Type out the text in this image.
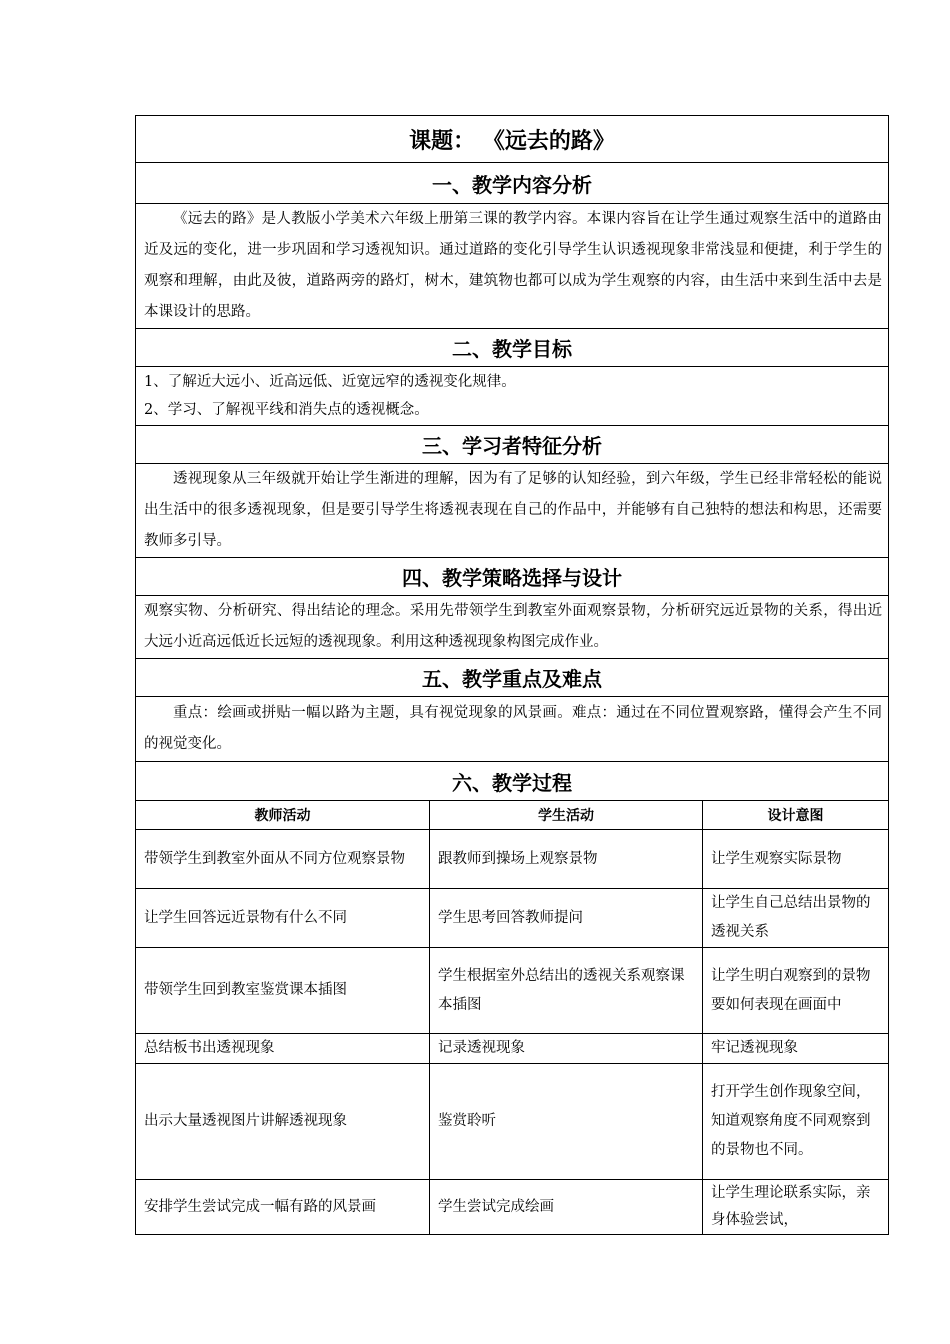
课题： 《远去的路》		
一、教学内容分析		

《远去的路》是人教版小学美术六年级上册第三课的教学内容。本课内容旨在让学生通过观察生活中的道路由近及远的变化，进一步巩固和学习透视知识。通过道路的变化引导学生认识透视现象非常浅显和便捷，利于学生的观察和理解，由此及彼，道路两旁的路灯，树木，建筑物也都可以成为学生观察的内容，由生活中来到生活中去是本课设计的思路。		

二、教学目标		

1、了解近大远小、近高远低、近宽远窄的透视变化规律。

2、学习、了解视平线和消失点的透视概念。		

三、学习者特征分析		

透视现象从三年级就开始让学生渐进的理解，因为有了足够的认知经验，到六年级，学生已经非常轻松的能说出生活中的很多透视现象，但是要引导学生将透视表现在自己的作品中，并能够有自己独特的想法和构思，还需要教师多引导。		

四、教学策略选择与设计		

观察实物、分析研究、得出结论的理念。采用先带领学生到教室外面观察景物，分析研究远近景物的关系，得出近大远小近高远低近长远短的透视现象。利用这种透视现象构图完成作业。		

五、教学重点及难点		

重点：绘画或拼贴一幅以路为主题，具有视觉现象的风景画。难点：通过在不同位置观察路，懂得会产生不同的视觉变化。		

六、教学过程		
教师活动	学生活动	设计意图
带领学生到教室外面从不同方位观察景物	跟教师到操场上观察景物	让学生观察实际景物
让学生回答远近景物有什么不同	学生思考回答教师提问	让学生自己总结出景物的透视关系
带领学生回到教室鉴赏课本插图	学生根据室外总结出的透视关系观察课本插图	让学生明白观察到的景物要如何表现在画面中
总结板书出透视现象	记录透视现象	牢记透视现象
出示大量透视图片讲解透视现象	鉴赏聆听	打开学生创作现象空间，知道观察角度不同观察到的景物也不同。
安排学生尝试完成一幅有路的风景画	学生尝试完成绘画	让学生理论联系实际，亲身体验尝试，
